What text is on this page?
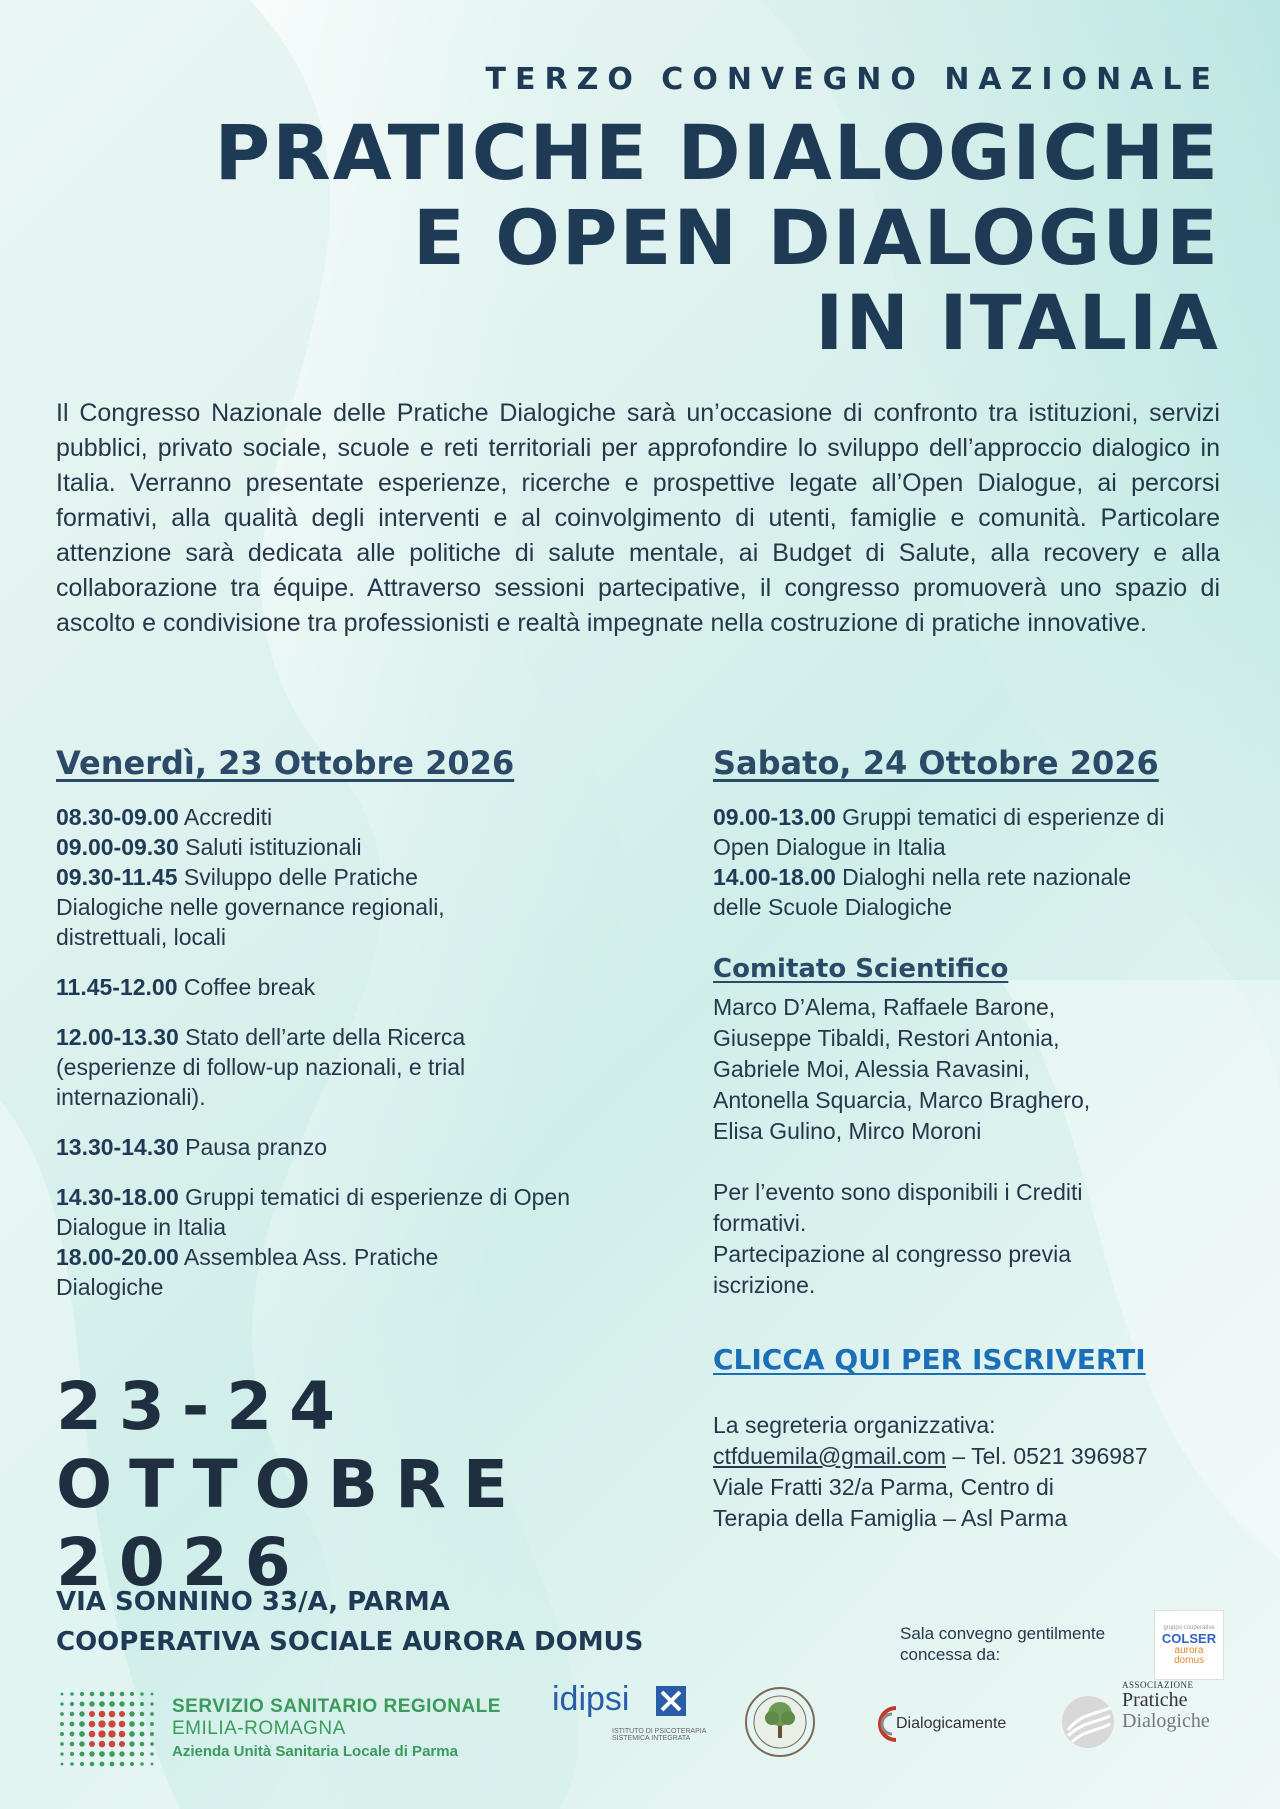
TERZO CONVEGNO NAZIONALE
PRATICHE DIALOGICHE
E OPEN DIALOGUE
IN ITALIA
Il Congresso Nazionale delle Pratiche Dialogiche sarà un’occasione di confronto tra istituzioni, servizi pubblici, privato sociale, scuole e reti territoriali per approfondire lo sviluppo dell’approccio dialogico in Italia. Verranno presentate esperienze, ricerche e prospettive legate all’Open Dialogue, ai percorsi formativi, alla qualità degli interventi e al coinvolgimento di utenti, famiglie e comunità. Particolare attenzione sarà dedicata alle politiche di salute mentale, ai Budget di Salute, alla recovery e alla collaborazione tra équipe. Attraverso sessioni partecipative, il congresso promuoverà uno spazio di ascolto e condivisione tra professionisti e realtà impegnate nella costruzione di pratiche innovative.
Venerdì, 23 Ottobre 2026
08.30-09.00 Accrediti
09.00-09.30 Saluti istituzionali
09.30-11.45 Sviluppo delle Pratiche Dialogiche nelle governance regionali, distrettuali, locali
11.45-12.00 Coffee break
12.00-13.30 Stato dell’arte della Ricerca (esperienze di follow-up nazionali, e trial internazionali).
13.30-14.30 Pausa pranzo
14.30-18.00 Gruppi tematici di esperienze di Open Dialogue in Italia
18.00-20.00 Assemblea Ass. Pratiche Dialogiche
Sabato, 24 Ottobre 2026
09.00-13.00 Gruppi tematici di esperienze di Open Dialogue in Italia
14.00-18.00 Dialoghi nella rete nazionale delle Scuole Dialogiche
Comitato Scientifico
Marco D’Alema, Raffaele Barone,
Giuseppe Tibaldi, Restori Antonia,
Gabriele Moi, Alessia Ravasini,
Antonella Squarcia, Marco Braghero,
Elisa Gulino, Mirco Moroni
Per l’evento sono disponibili i Crediti formativi.
Partecipazione al congresso previa iscrizione.
CLICCA QUI PER ISCRIVERTI
La segreteria organizzativa:
ctfduemila@gmail.com – Tel. 0521 396987
Viale Fratti 32/a Parma, Centro di Terapia della Famiglia – Asl Parma
23-24
OTTOBRE
2026
VIA SONNINO 33/A, PARMA
COOPERATIVA SOCIALE AURORA DOMUS	Sala convegno gentilmente concessa da:
gruppo cooperative
COLSER
aurora
domus
SERVIZIO SANITARIO REGIONALE
EMILIA-ROMAGNA
Azienda Unità Sanitaria Locale di Parma
idipsi
ISTITUTO DI PSICOTERAPIA
SISTEMICA INTEGRATA
Dialogicamente
ASSOCIAZIONE
Pratiche
Dialogiche
